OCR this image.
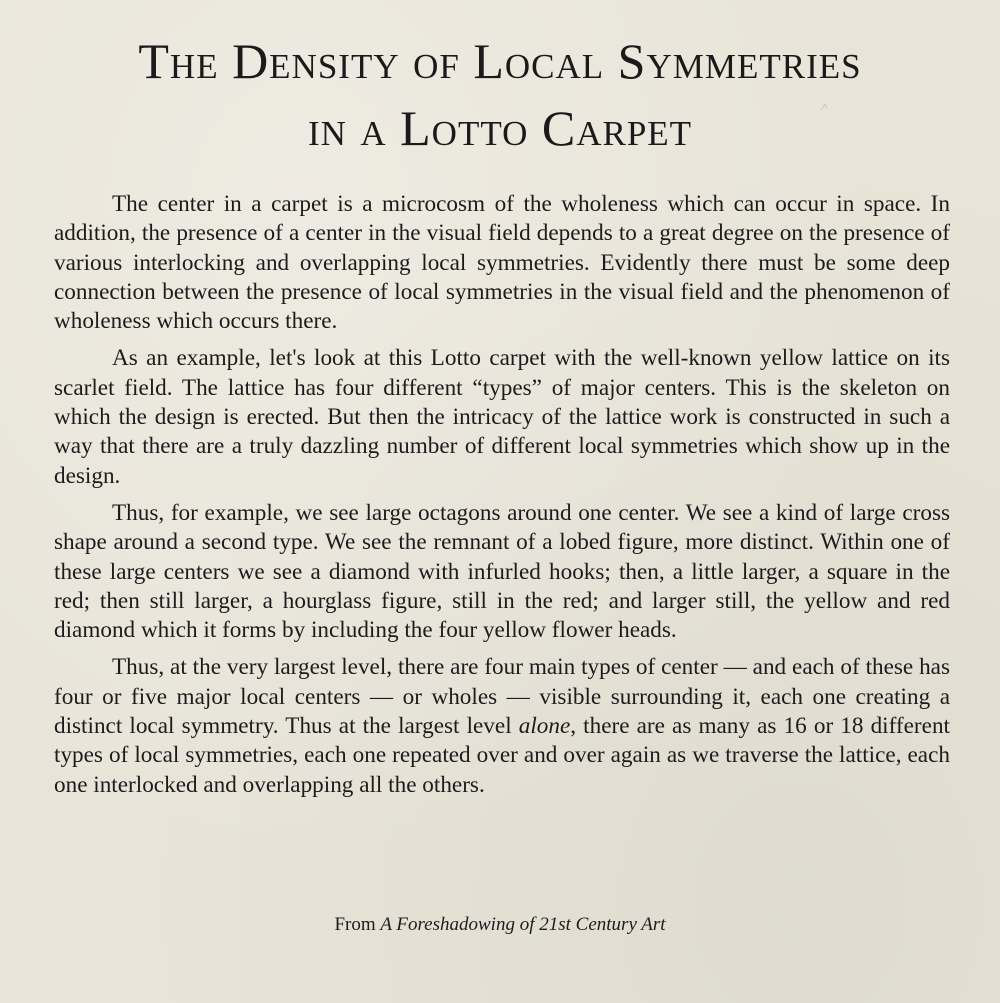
The Density of Local Symmetries
in a Lotto Carpet

The center in a carpet is a microcosm of the wholeness which can occur in space. In addition, the presence of a center in the visual field depends to a great degree on the presence of various interlocking and overlapping local symmetries. Evidently there must be some deep connection between the presence of local symmetries in the visual field and the phenomenon of wholeness which occurs there.

As an example, let's look at this Lotto carpet with the well-known yellow lattice on its scarlet field. The lattice has four different “types” of major centers. This is the skeleton on which the design is erected. But then the intricacy of the lattice work is constructed in such a way that there are a truly dazzling number of different local symmetries which show up in the design.

Thus, for example, we see large octagons around one center. We see a kind of large cross shape around a second type. We see the remnant of a lobed figure, more distinct. Within one of these large centers we see a diamond with infurled hooks; then, a little larger, a square in the red; then still larger, a hourglass figure, still in the red; and larger still, the yellow and red diamond which it forms by including the four yellow flower heads.

Thus, at the very largest level, there are four main types of center — and each of these has four or five major local centers — or wholes — visible surrounding it, each one creating a distinct local symmetry. Thus at the largest level alone, there are as many as 16 or 18 different types of local symmetries, each one repeated over and over again as we traverse the lattice, each one interlocked and overlapping all the others.

From A Foreshadowing of 21st Century Art
